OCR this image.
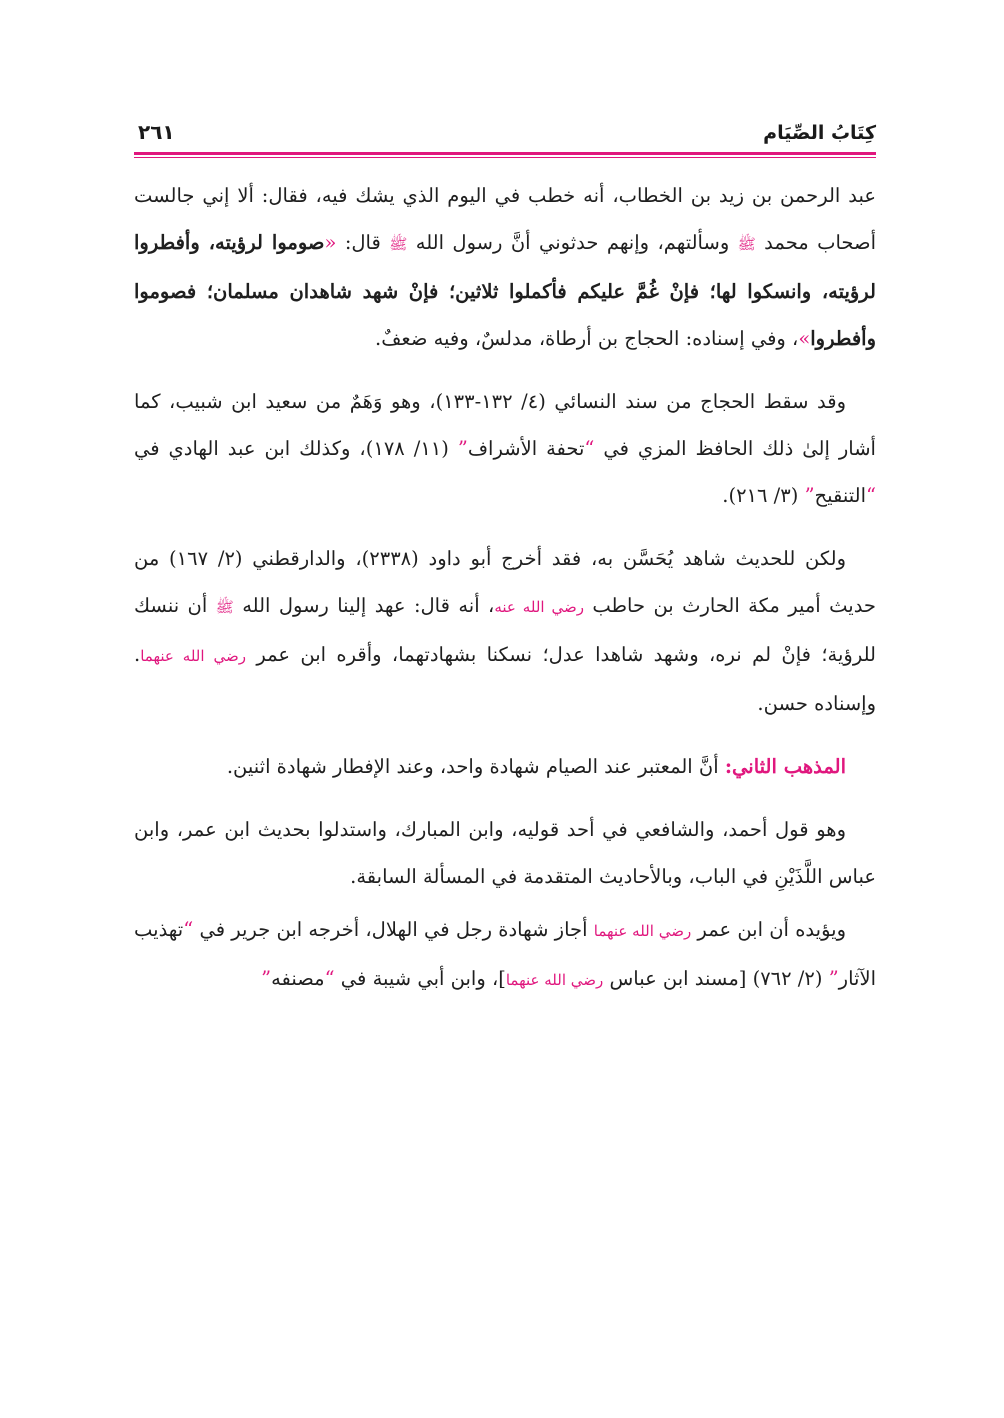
كِتَابُ الصِّيَام
٢٦١

عبد الرحمن بن زيد بن الخطاب، أنه خطب في اليوم الذي يشك فيه، فقال: ألا إني جالست أصحاب محمد ﷺ وسألتهم، وإنهم حدثوني أنَّ رسول الله ﷺ قال: «صوموا لرؤيته، وأفطروا لرؤيته، وانسكوا لها؛ فإنْ غُمَّ عليكم فأكملوا ثلاثين؛ فإنْ شهد شاهدان مسلمان؛ فصوموا وأفطروا»، وفي إسناده: الحجاج بن أرطاة، مدلسٌ، وفيه ضعفٌ.

وقد سقط الحجاج من سند النسائي (٤/ ١٣٢-١٣٣)، وهو وَهَمٌ من سعيد ابن شبيب، كما أشار إلىٰ ذلك الحافظ المزي في “تحفة الأشراف” (١١/ ١٧٨)، وكذلك ابن عبد الهادي في “التنقيح” (٣/ ٢١٦).

ولكن للحديث شاهد يُحَسَّن به، فقد أخرج أبو داود (٢٣٣٨)، والدارقطني (٢/ ١٦٧) من حديث أمير مكة الحارث بن حاطب رضي الله عنه، أنه قال: عهد إلينا رسول الله ﷺ أن ننسك للرؤية؛ فإنْ لم نره، وشهد شاهدا عدل؛ نسكنا بشهادتهما، وأقره ابن عمر رضي الله عنهما. وإسناده حسن.

المذهب الثاني: أنَّ المعتبر عند الصيام شهادة واحد، وعند الإفطار شهادة اثنين.

وهو قول أحمد، والشافعي في أحد قوليه، وابن المبارك، واستدلوا بحديث ابن عمر، وابن عباس اللَّذَيْنِ في الباب، وبالأحاديث المتقدمة في المسألة السابقة.

ويؤيده أن ابن عمر رضي الله عنهما أجاز شهادة رجل في الهلال، أخرجه ابن جرير في “تهذيب الآثار” (٢/ ٧٦٢) [مسند ابن عباس رضي الله عنهما]، وابن أبي شيبة في “مصنفه”
